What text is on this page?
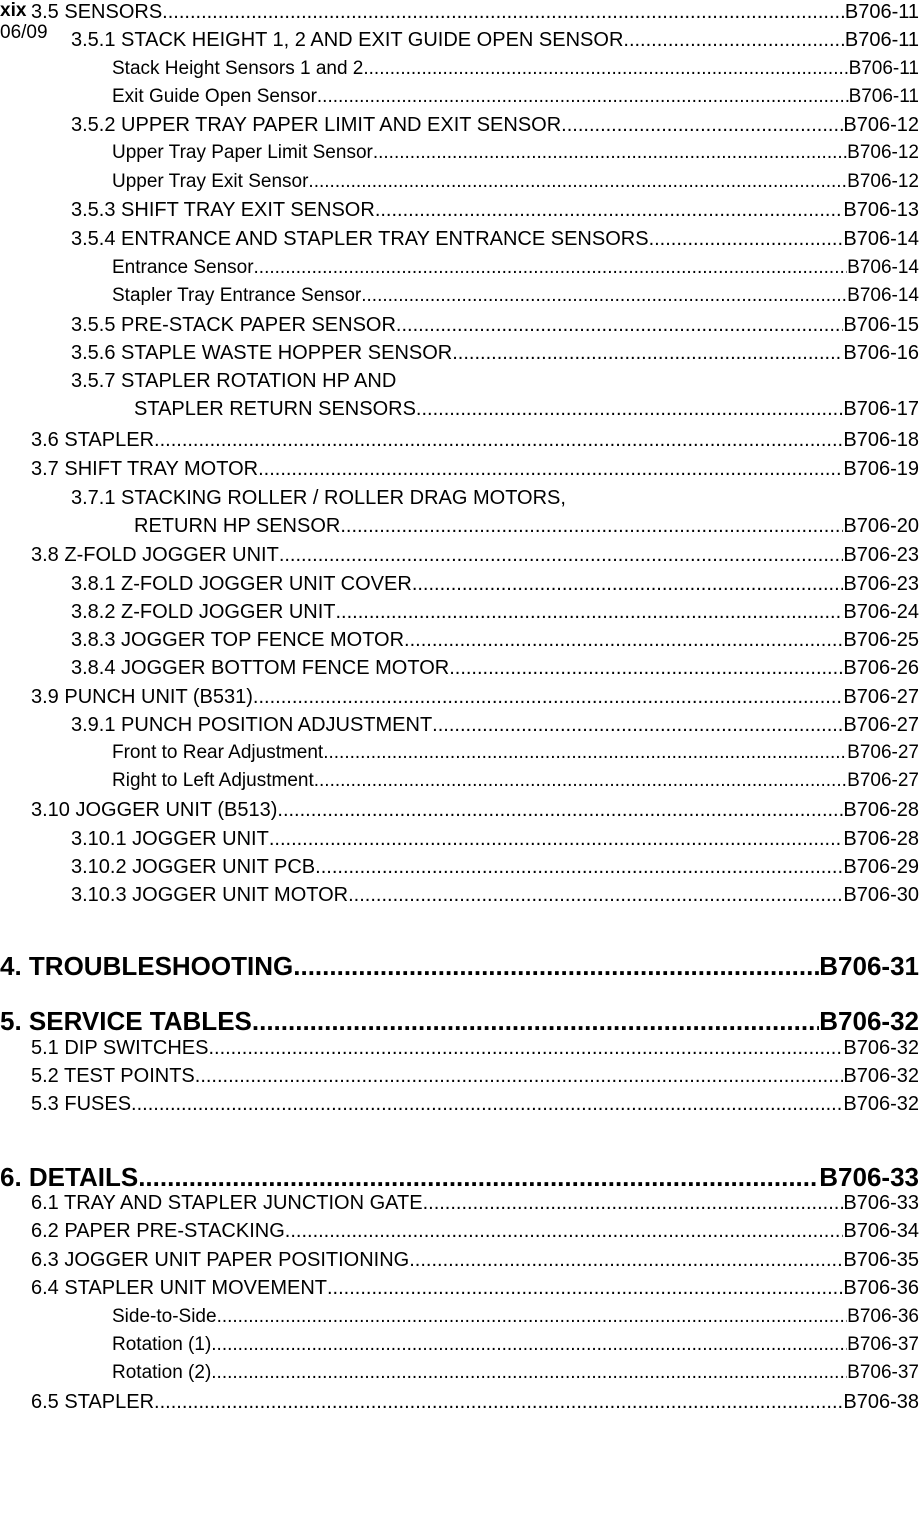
3.5 SENSORS .....	B706-11
3.5.1 STACK HEIGHT 1, 2 AND EXIT GUIDE OPEN SENSOR .....	B706-11
Stack Height Sensors 1 and 2 .....	B706-11
Exit Guide Open Sensor .....	B706-11
3.5.2 UPPER TRAY PAPER LIMIT AND EXIT SENSOR .....	B706-12
Upper Tray Paper Limit Sensor .....	B706-12
Upper Tray Exit Sensor .....	B706-12
3.5.3 SHIFT TRAY EXIT SENSOR .....	B706-13
3.5.4 ENTRANCE AND STAPLER TRAY ENTRANCE SENSORS .....	B706-14
Entrance Sensor .....	B706-14
Stapler Tray Entrance Sensor .....	B706-14
3.5.5 PRE-STACK PAPER SENSOR .....	B706-15
3.5.6 STAPLE WASTE HOPPER SENSOR .....	B706-16
3.5.7 STAPLER ROTATION HP AND
STAPLER RETURN SENSORS .....	B706-17
3.6 STAPLER .....	B706-18
3.7 SHIFT TRAY MOTOR .....	B706-19
3.7.1 STACKING ROLLER / ROLLER DRAG MOTORS,
RETURN HP SENSOR. .....	B706-20
3.8 Z-FOLD JOGGER UNIT .....	B706-23
3.8.1 Z-FOLD JOGGER UNIT COVER .....	B706-23
3.8.2 Z-FOLD JOGGER UNIT .....	B706-24
3.8.3 JOGGER TOP FENCE MOTOR .....	B706-25
3.8.4 JOGGER BOTTOM FENCE MOTOR .....	B706-26
3.9 PUNCH UNIT (B531) .....	B706-27
3.9.1 PUNCH POSITION ADJUSTMENT .....	B706-27
Front to Rear Adjustment .....	B706-27
Right to Left Adjustment .....	B706-27
3.10 JOGGER UNIT (B513) .....	B706-28
3.10.1 JOGGER UNIT .....	B706-28
3.10.2 JOGGER UNIT PCB .....	B706-29
3.10.3 JOGGER UNIT MOTOR .....	B706-30
4. TROUBLESHOOTING .....	B706-31
5. SERVICE TABLES .....	B706-32
5.1 DIP SWITCHES .....	B706-32
5.2 TEST POINTS .....	B706-32
5.3 FUSES .....	B706-32
6. DETAILS .....	B706-33
6.1 TRAY AND STAPLER JUNCTION GATE .....	B706-33
6.2 PAPER PRE-STACKING .....	B706-34
6.3 JOGGER UNIT PAPER POSITIONING .....	B706-35
6.4 STAPLER UNIT MOVEMENT .....	B706-36
Side-to-Side .....	B706-36
Rotation (1) .....	B706-37
Rotation (2) .....	B706-37
6.5 STAPLER .....	B706-38
xix
06/09
